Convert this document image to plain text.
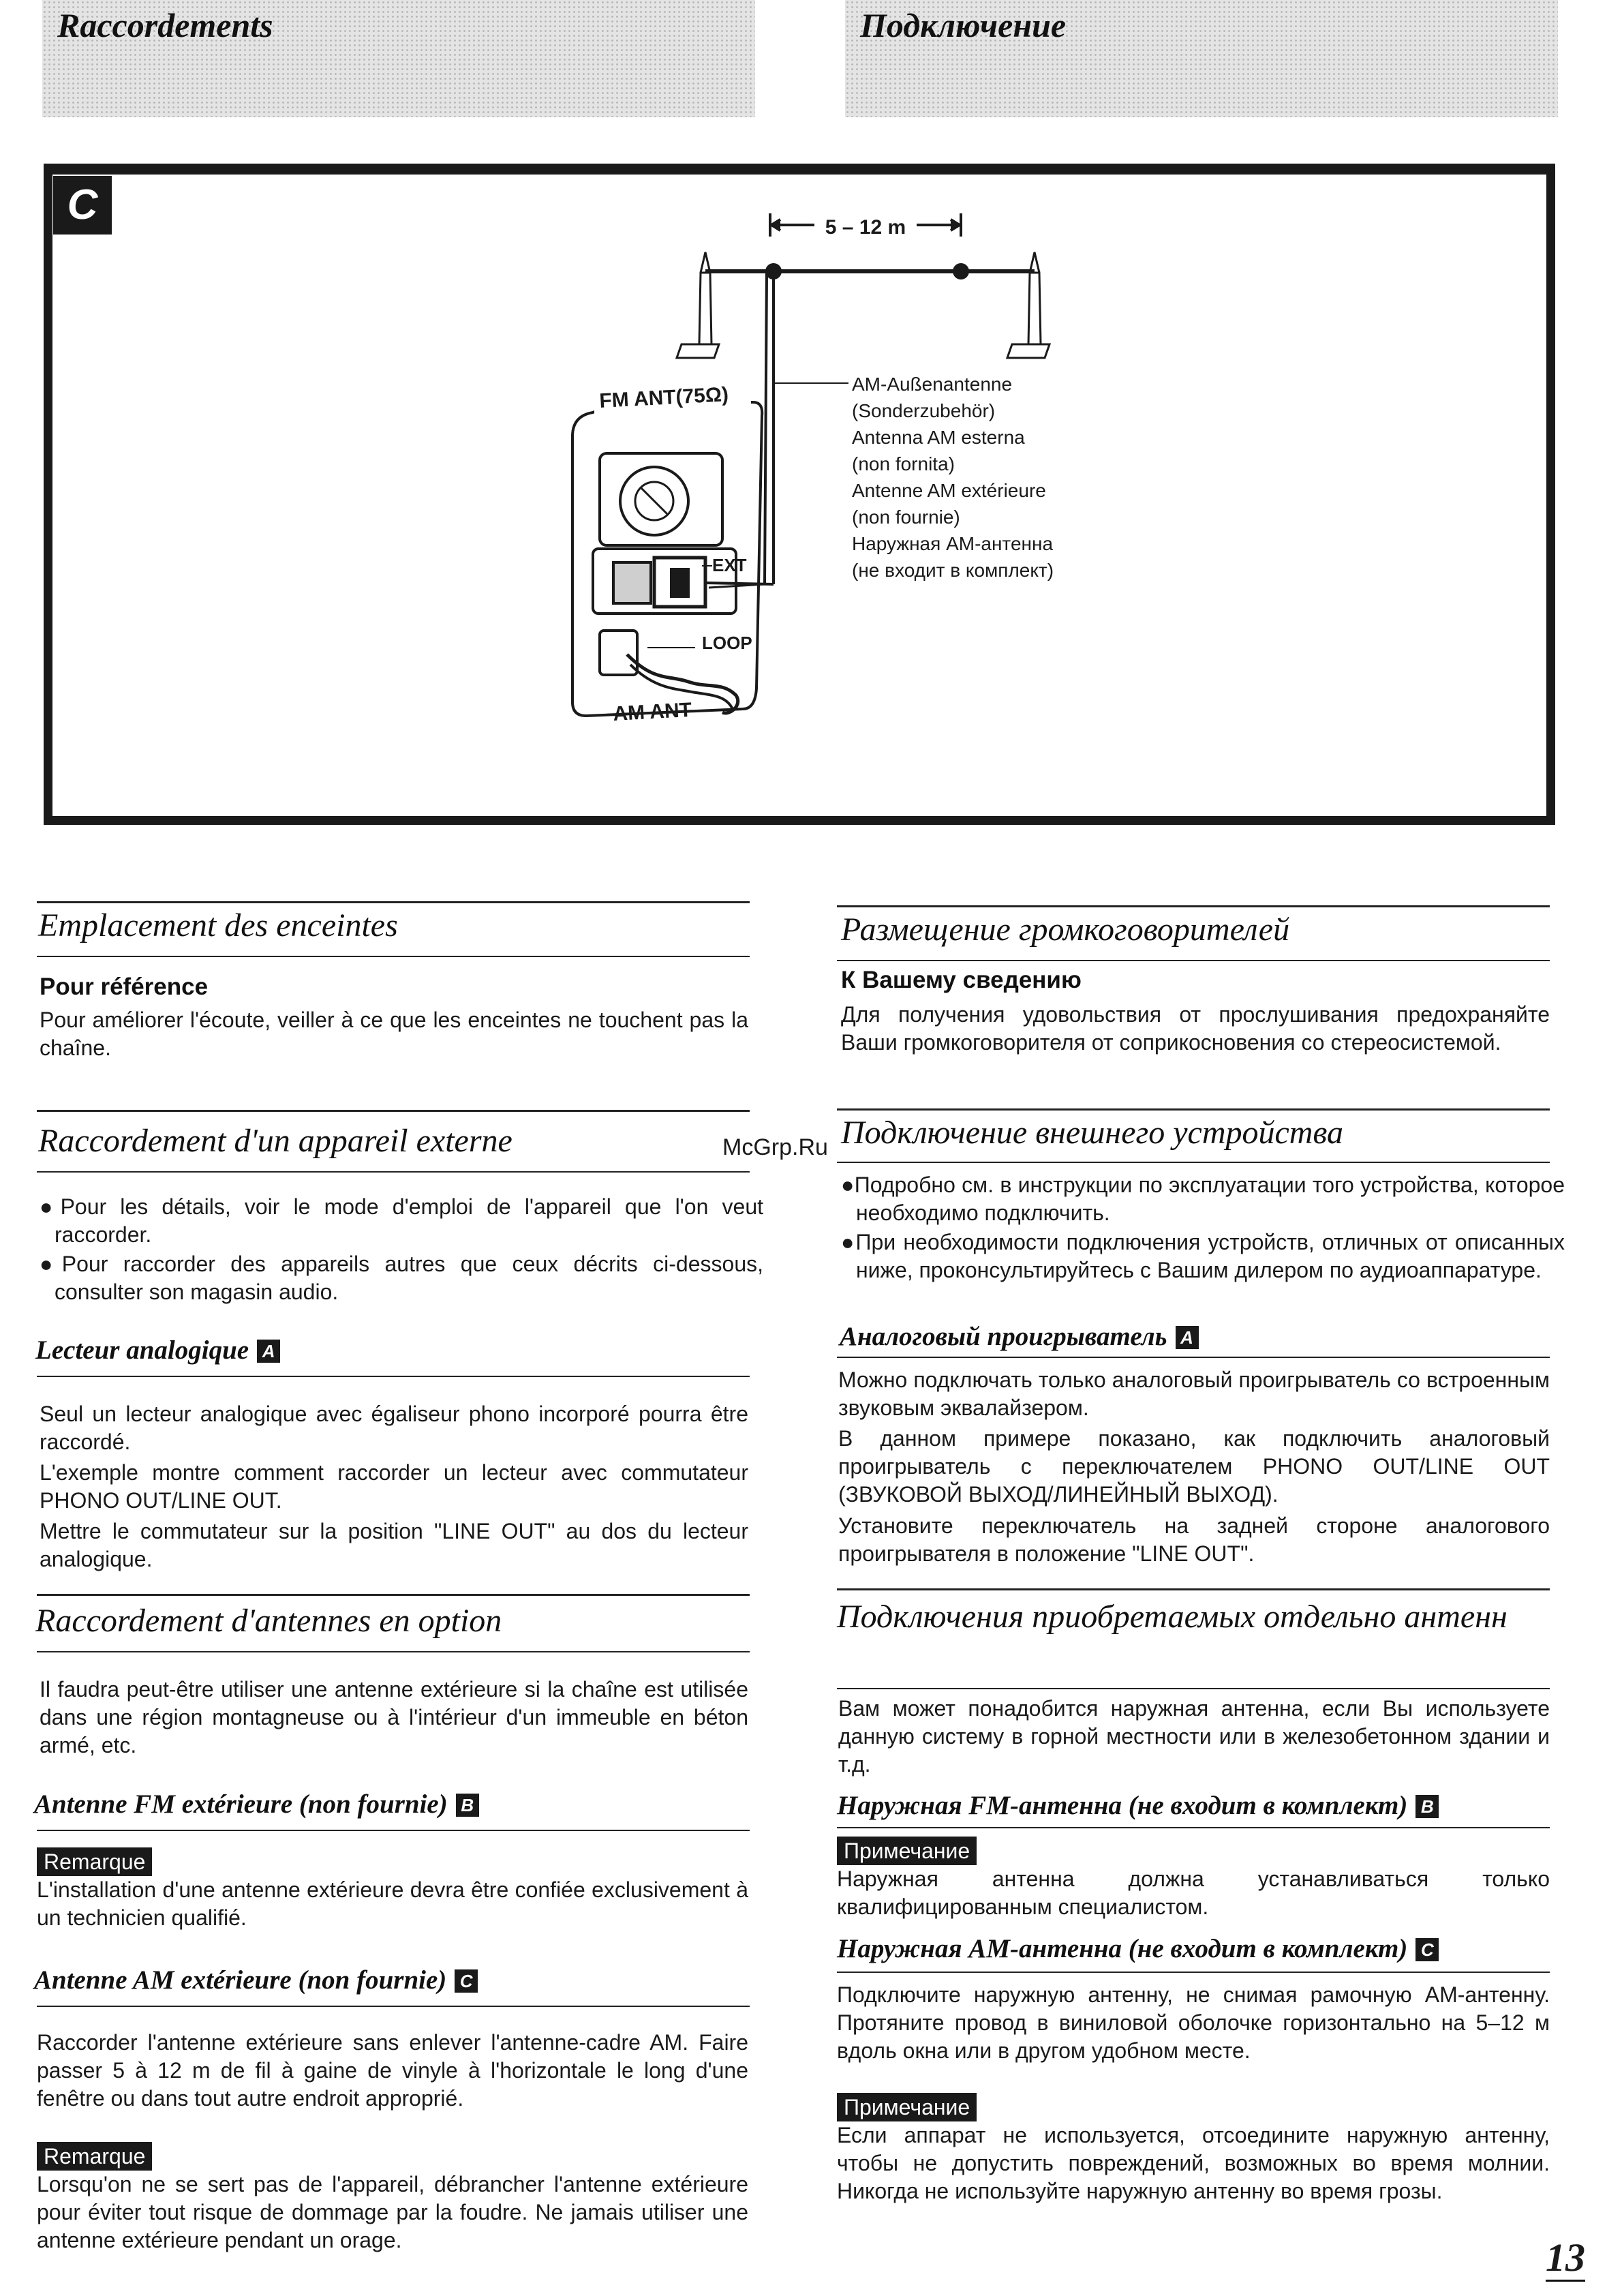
Raccordements	Подключение
C	5 – 12 m
FM ANT(75Ω)
EXT
LOOP
AM ANT
AM-Außenantenne
(Sonderzubehör)
Antenna AM esterna
(non fornita)
Antenne AM extérieure
(non fournie)
Наружная АМ-антенна
(не входит в комплект)
Emplacement des enceintes

Pour référence

Pour améliorer l'écoute, veiller à ce que les enceintes ne touchent pas la chaîne.

Raccordement d'un appareil externe

●Pour les détails, voir le mode d'emploi de l'appareil que l'on veut raccorder.

●Pour raccorder des appareils autres que ceux décrits ci-dessous, consulter son magasin audio.

Lecteur analogique A

Seul un lecteur analogique avec égaliseur phono incorporé pourra être raccordé.

L'exemple montre comment raccorder un lecteur avec commutateur PHONO OUT/LINE OUT.

Mettre le commutateur sur la position "LINE OUT" au dos du lecteur analogique.

Raccordement d'antennes en option

Il faudra peut-être utiliser une antenne extérieure si la chaîne est utilisée dans une région montagneuse ou à l'intérieur d'un immeuble en béton armé, etc.

Antenne FM extérieure (non fournie) B
Remarque

L'installation d'une antenne extérieure devra être confiée exclusivement à un technicien qualifié.

Antenne AM extérieure (non fournie) C

Raccorder l'antenne extérieure sans enlever l'antenne-cadre AM. Faire passer 5 à 12 m de fil à gaine de vinyle à l'horizontale le long d'une fenêtre ou dans tout autre endroit approprié.

Remarque

Lorsqu'on ne se sert pas de l'appareil, débrancher l'antenne extérieure pour éviter tout risque de dommage par la foudre. Ne jamais utiliser une antenne extérieure pendant un orage.

Размещение громкоговорителей

К Вашему сведению

Для получения удовольствия от прослушивания предохраняйте Ваши громкоговорителя от соприкосновения со стереосистемой.

Подключение внешнего устройства

●Подробно см. в инструкции по эксплуатации того устройства, которое необходимо подключить.

●При необходимости подключения устройств, отличных от описанных ниже, проконсультируйтесь с Вашим дилером по аудиоаппаратуре.

Аналоговый проигрыватель A

Можно подключать только аналоговый проигрыватель со встроенным звуковым эквалайзером.

В данном примере показано, как подключить аналоговый проигрыватель с переключателем PHONO OUT/LINE OUT (ЗВУКОВОЙ ВЫХОД/ЛИНЕЙНЫЙ ВЫХОД).

Установите переключатель на задней стороне аналогового проигрывателя в положение "LINE OUT".

Подключения приобретаемых отдельно антенн

Вам может понадобится наружная антенна, если Вы используете данную систему в горной местности или в железобетонном здании и т.д.

Наружная FM-антенна (не входит в комплект) B
Примечание

Наружная антенна должна устанавливаться только квалифицированным специалистом.

Наружная АМ-антенна (не входит в комплект) C

Подключите наружную антенну, не снимая рамочную АМ-антенну. Протяните провод в виниловой оболочке горизонтально на 5–12 м вдоль окна или в другом удобном месте.

Примечание

Если аппарат не используется, отсоедините наружную антенну, чтобы не допустить повреждений, возможных во время молнии. Никогда не используйте наружную антенну во время грозы.

McGrp.Ru
13
